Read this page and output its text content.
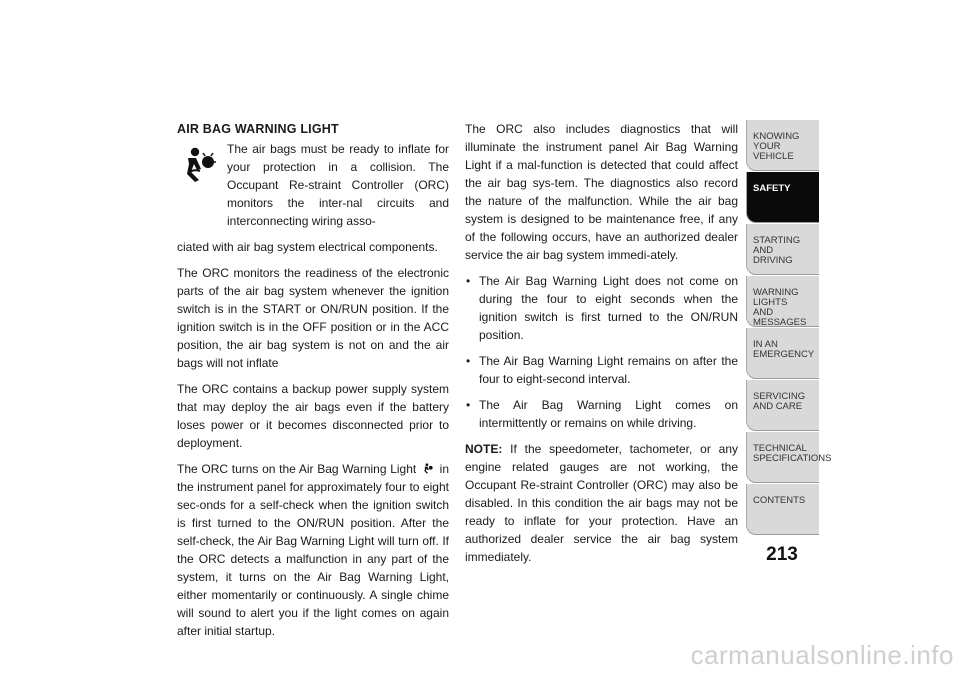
AIR BAG WARNING LIGHT

The air bags must be ready to inflate for your protection in a collision. The Occupant Re-straint Controller (ORC) monitors the inter-nal circuits and interconnecting wiring asso-

ciated with air bag system electrical components.

The ORC monitors the readiness of the electronic parts of the air bag system whenever the ignition switch is in the START or ON/RUN position. If the ignition switch is in the OFF position or in the ACC position, the air bag system is not on and the air bags will not inflate

The ORC contains a backup power supply system that may deploy the air bags even if the battery loses power or it becomes disconnected prior to deployment.

The ORC turns on the Air Bag Warning Light in the instrument panel for approximately four to eight sec-onds for a self-check when the ignition switch is first turned to the ON/RUN position. After the self-check, the Air Bag Warning Light will turn off. If the ORC detects a malfunction in any part of the system, it turns on the Air Bag Warning Light, either momentarily or continuously. A single chime will sound to alert you if the light comes on again after initial startup.

The ORC also includes diagnostics that will illuminate the instrument panel Air Bag Warning Light if a mal-function is detected that could affect the air bag sys-tem. The diagnostics also record the nature of the malfunction. While the air bag system is designed to be maintenance free, if any of the following occurs, have an authorized dealer service the air bag system immedi-ately.

• The Air Bag Warning Light does not come on during the four to eight seconds when the ignition switch is first turned to the ON/RUN position.
• The Air Bag Warning Light remains on after the four to eight-second interval.
• The Air Bag Warning Light comes on intermittently or remains on while driving.

NOTE: If the speedometer, tachometer, or any engine related gauges are not working, the Occupant Re-straint Controller (ORC) may also be disabled. In this condition the air bags may not be ready to inflate for your protection. Have an authorized dealer service the air bag system immediately.

KNOWING
YOUR
VEHICLE
SAFETY
STARTING
AND
DRIVING
WARNING
LIGHTS
AND
MESSAGES
IN AN
EMERGENCY
SERVICING
AND CARE
TECHNICAL
SPECIFICATIONS
CONTENTS
213
carmanualsonline.info
